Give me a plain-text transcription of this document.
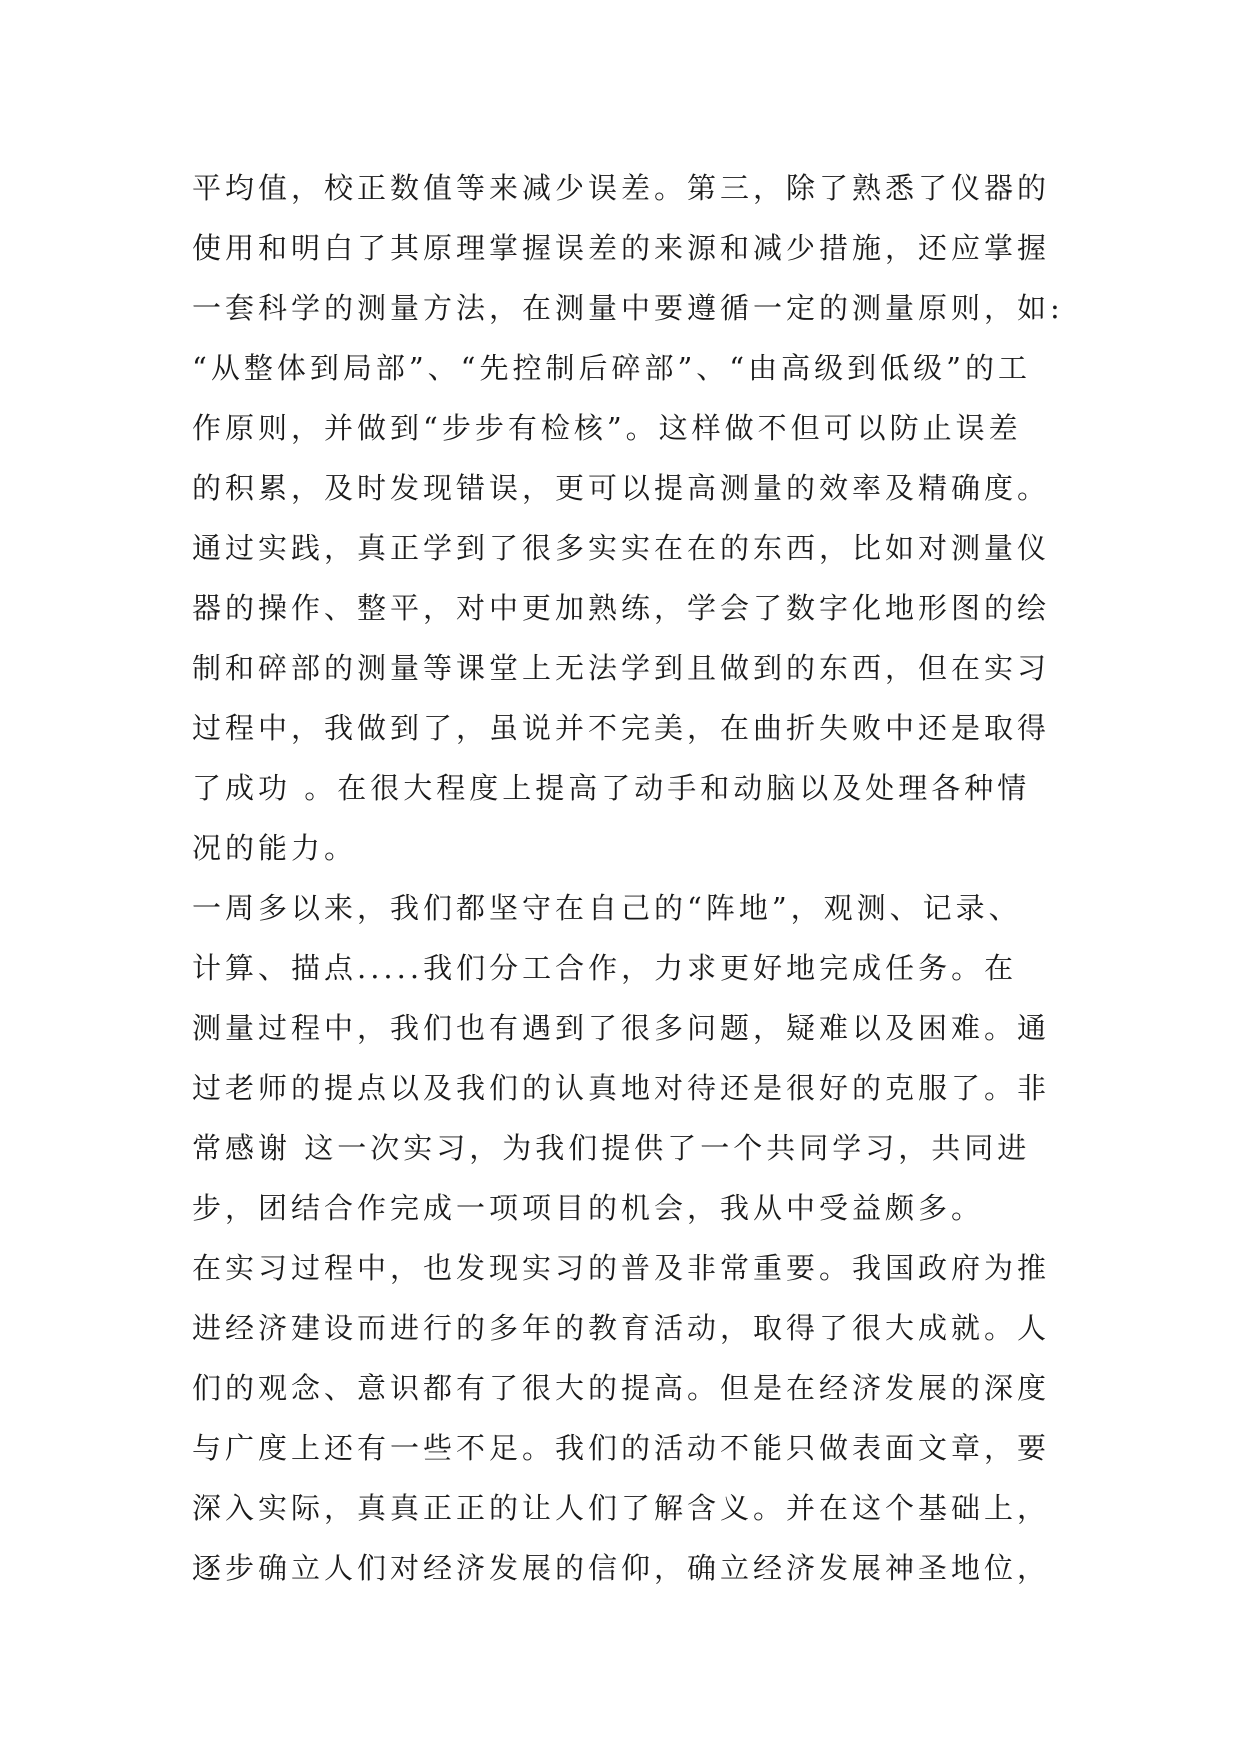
平均值，校正数值等来减少误差。第三，除了熟悉了仪器的
使用和明白了其原理掌握误差的来源和减少措施，还应掌握
一套科学的测量方法，在测量中要遵循一定的测量原则，如:
“从整体到局部”、“先控制后碎部”、“由高级到低级”的工
作原则，并做到“步步有检核”。这样做不但可以防止误差
的积累，及时发现错误，更可以提高测量的效率及精确度。
通过实践，真正学到了很多实实在在的东西，比如对测量仪
器的操作、整平，对中更加熟练，学会了数字化地形图的绘
制和碎部的测量等课堂上无法学到且做到的东西，但在实习
过程中，我做到了，虽说并不完美，在曲折失败中还是取得
了成功 。在很大程度上提高了动手和动脑以及处理各种情
况的能力。
一周多以来，我们都坚守在自己的“阵地”，观测、记录、
计算、描点.....我们分工合作，力求更好地完成任务。在
测量过程中，我们也有遇到了很多问题，疑难以及困难。通
过老师的提点以及我们的认真地对待还是很好的克服了。非
常感谢 这一次实习，为我们提供了一个共同学习，共同进
步，团结合作完成一项项目的机会，我从中受益颇多。
在实习过程中，也发现实习的普及非常重要。我国政府为推
进经济建设而进行的多年的教育活动，取得了很大成就。人
们的观念、意识都有了很大的提高。但是在经济发展的深度
与广度上还有一些不足。我们的活动不能只做表面文章，要
深入实际，真真正正的让人们了解含义。并在这个基础上，
逐步确立人们对经济发展的信仰，确立经济发展神圣地位，
